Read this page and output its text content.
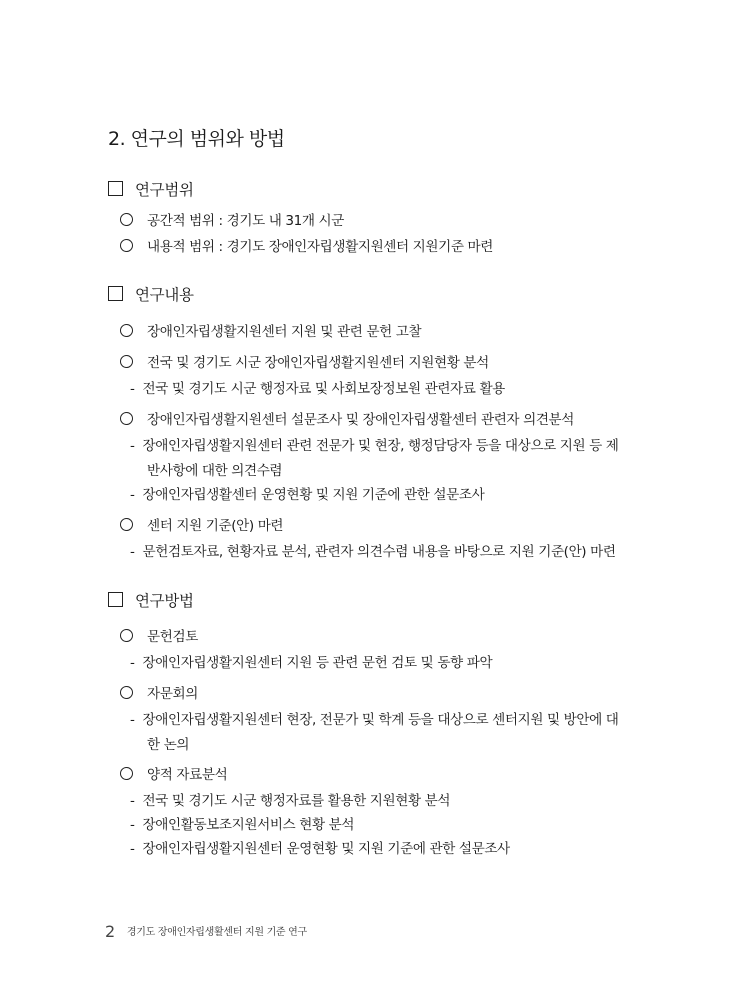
2. 연구의 범위와 방법
연구범위
공간적 범위 : 경기도 내 31개 시군
내용적 범위 : 경기도 장애인자립생활지원센터 지원기준 마련
연구내용
장애인자립생활지원센터 지원 및 관련 문헌 고찰
전국 및 경기도 시군 장애인자립생활지원센터 지원현황 분석
- 전국 및 경기도 시군 행정자료 및 사회보장정보원 관련자료 활용
장애인자립생활지원센터 설문조사 및 장애인자립생활센터 관련자 의견분석
- 장애인자립생활지원센터 관련 전문가 및 현장, 행정담당자 등을 대상으로 지원 등 제
반사항에 대한 의견수렴
- 장애인자립생활센터 운영현황 및 지원 기준에 관한 설문조사
센터 지원 기준(안) 마련
- 문헌검토자료, 현황자료 분석, 관련자 의견수렴 내용을 바탕으로 지원 기준(안) 마련
연구방법
문헌검토
- 장애인자립생활지원센터 지원 등 관련 문헌 검토 및 동향 파악
자문회의
- 장애인자립생활지원센터 현장, 전문가 및 학계 등을 대상으로 센터지원 및 방안에 대
한 논의
양적 자료분석
- 전국 및 경기도 시군 행정자료를 활용한 지원현황 분석
- 장애인활동보조지원서비스 현황 분석
- 장애인자립생활지원센터 운영현황 및 지원 기준에 관한 설문조사
2 경기도 장애인자립생활센터 지원 기준 연구
